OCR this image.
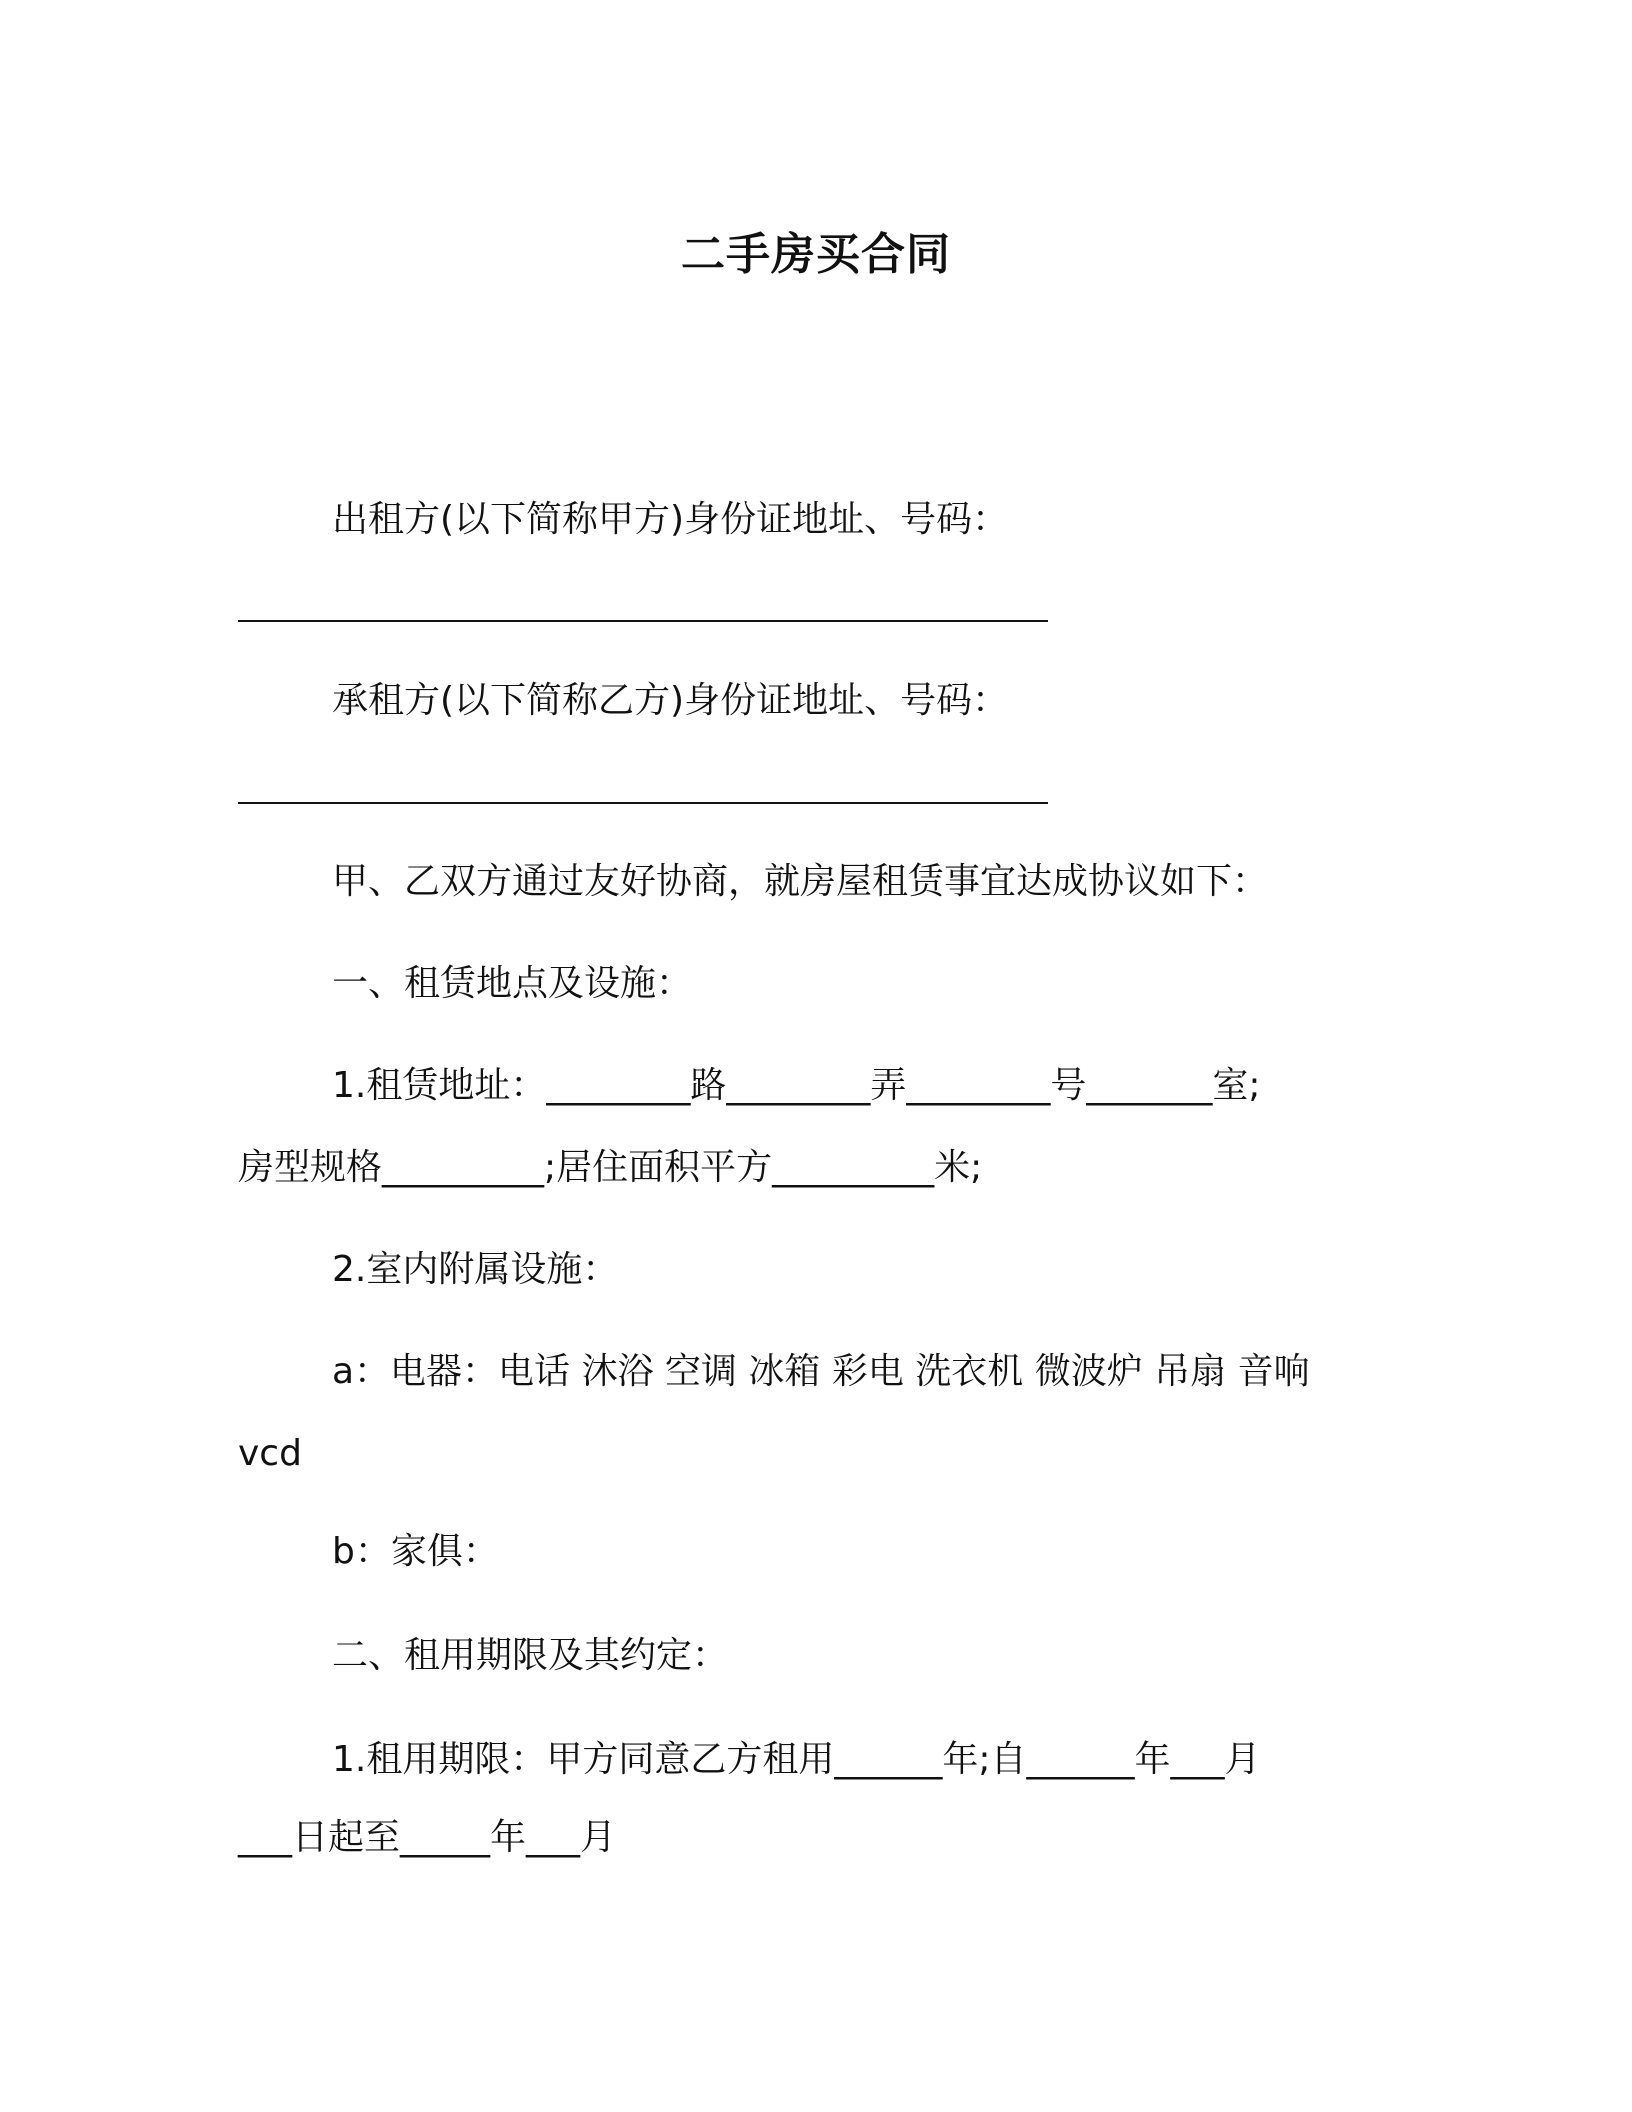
二手房买合同
出租方(以下简称甲方)身份证地址、号码：
承租方(以下简称乙方)身份证地址、号码：
甲、乙双方通过友好协商，就房屋租赁事宜达成协议如下：
一、租赁地点及设施：
1.租赁地址：________路________弄________号_______室;
房型规格_________;居住面积平方_________米;
2.室内附属设施：
a：电器：电话 沐浴 空调 冰箱 彩电 洗衣机 微波炉 吊扇 音响
vcd
b：家俱：
二、租用期限及其约定：
1.租用期限：甲方同意乙方租用______年;自______年___月
___日起至_____年___月
